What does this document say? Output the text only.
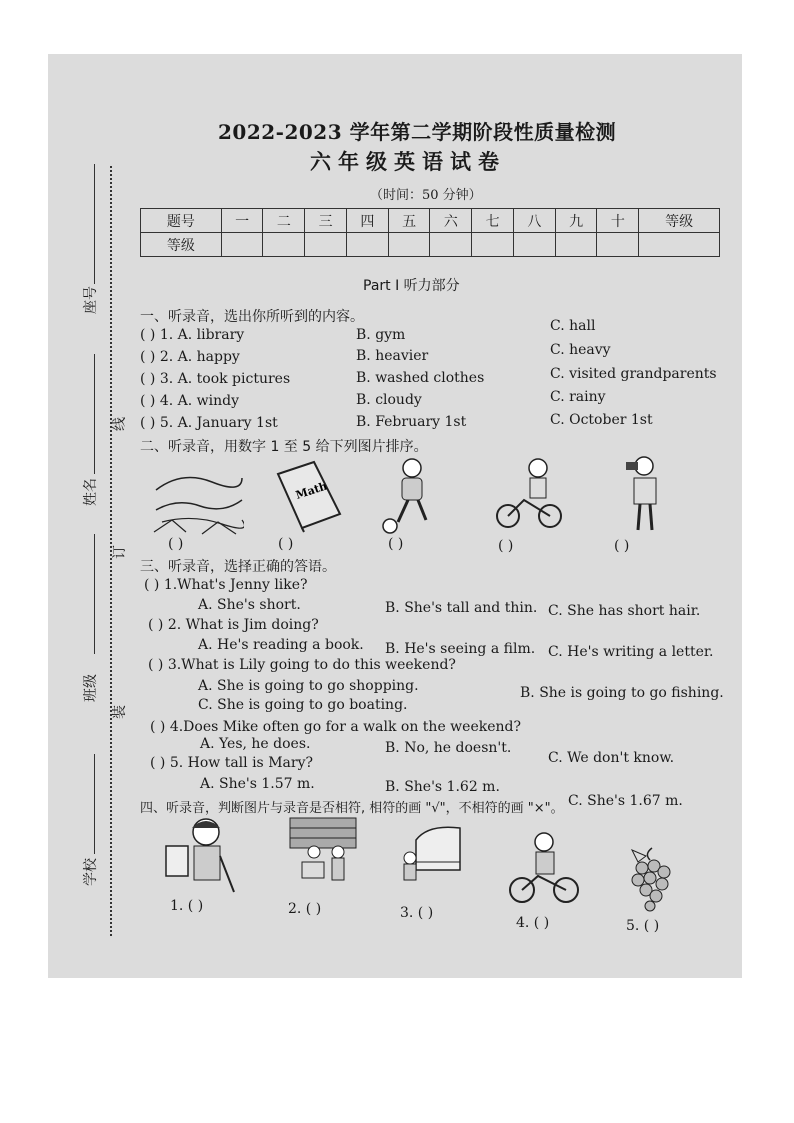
座号
姓名
班级
学校
线
订
装
2022-2023 学年第二学期阶段性质量检测
六年级英语试卷
（时间：50 分钟）
题号	一	二	三	四	五	六	七	八	九	十	等级
等级											
Part Ⅰ 听力部分
一、听录音，选出你所听到的内容。
( ) 1. A. library	B. gym
C. hall
( ) 2. A. happy	B. heavier	C. heavy
( ) 3. A. took pictures	B. washed clothes	C. visited grandparents
( ) 4. A. windy	B. cloudy	C. rainy
( ) 5. A. January 1st	B. February 1st	C. October 1st
二、听录音，用数字 1 至 5 给下列图片排序。
Math
( )	( )	( )	( )	( )
三、听录音，选择正确的答语。
( ) 1.What's Jenny like?
A. She's short.	B. She's tall and thin. C. She has short hair.
( ) 2. What is Jim doing?
A. He's reading a book. B. He's seeing a film. C. He's writing a letter.
( ) 3.What is Lily going to do this weekend?
A. She is going to go shopping.	B. She is going to go fishing.
C. She is going to go boating.
( ) 4.Does Mike often go for a walk on the weekend?
A. Yes, he does.	B. No, he doesn't.
C. We don't know.
( ) 5. How tall is Mary?
A. She's 1.57 m.	B. She's 1.62 m.
C. She's 1.67 m.
四、听录音，判断图片与录音是否相符, 相符的画 "√"，不相符的画 "×"。
1. ( )	2. ( )	3. ( )
4. ( )	5. ( )
